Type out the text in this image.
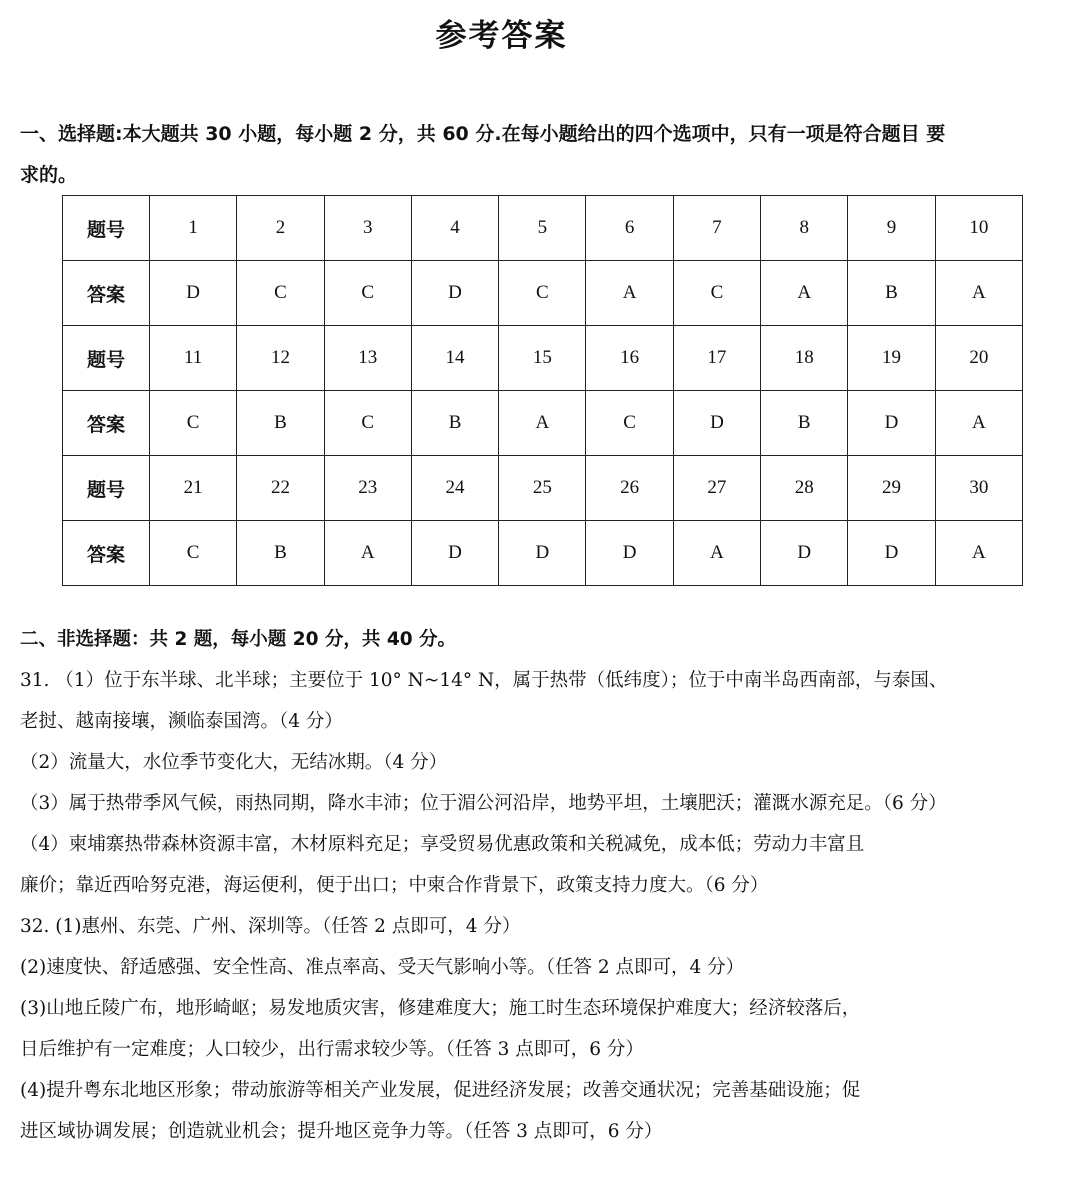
参考答案
一、选择题:本大题共 30 小题，每小题 2 分，共 60 分.在每小题给出的四个选项中，只有一项是符合题目 要
求的。
题号	1	2	3	4	5	6	7	8	9	10
答案	D	C	C	D	C	A	C	A	B	A
题号	11	12	13	14	15	16	17	18	19	20
答案	C	B	C	B	A	C	D	B	D	A
题号	21	22	23	24	25	26	27	28	29	30
答案	C	B	A	D	D	D	A	D	D	A
二、非选择题：共 2 题，每小题 20 分，共 40 分。
31. （1）位于东半球、北半球；主要位于 10° N~14° N，属于热带（低纬度）；位于中南半岛西南部，与泰国、
老挝、越南接壤，濒临泰国湾。（4 分）
（2）流量大，水位季节变化大，无结冰期。（4 分）
（3）属于热带季风气候，雨热同期，降水丰沛；位于湄公河沿岸，地势平坦，土壤肥沃；灌溉水源充足。（6 分）
（4）柬埔寨热带森林资源丰富，木材原料充足；享受贸易优惠政策和关税减免，成本低；劳动力丰富且
廉价；靠近西哈努克港，海运便利，便于出口；中柬合作背景下，政策支持力度大。（6 分）
32. (1)惠州、东莞、广州、深圳等。（任答 2 点即可，4 分）
(2)速度快、舒适感强、安全性高、准点率高、受天气影响小等。（任答 2 点即可，4 分）
(3)山地丘陵广布，地形崎岖；易发地质灾害，修建难度大；施工时生态环境保护难度大；经济较落后，
日后维护有一定难度；人口较少，出行需求较少等。（任答 3 点即可，6 分）
(4)提升粤东北地区形象；带动旅游等相关产业发展，促进经济发展；改善交通状况；完善基础设施；促
进区域协调发展；创造就业机会；提升地区竞争力等。（任答 3 点即可，6 分）
